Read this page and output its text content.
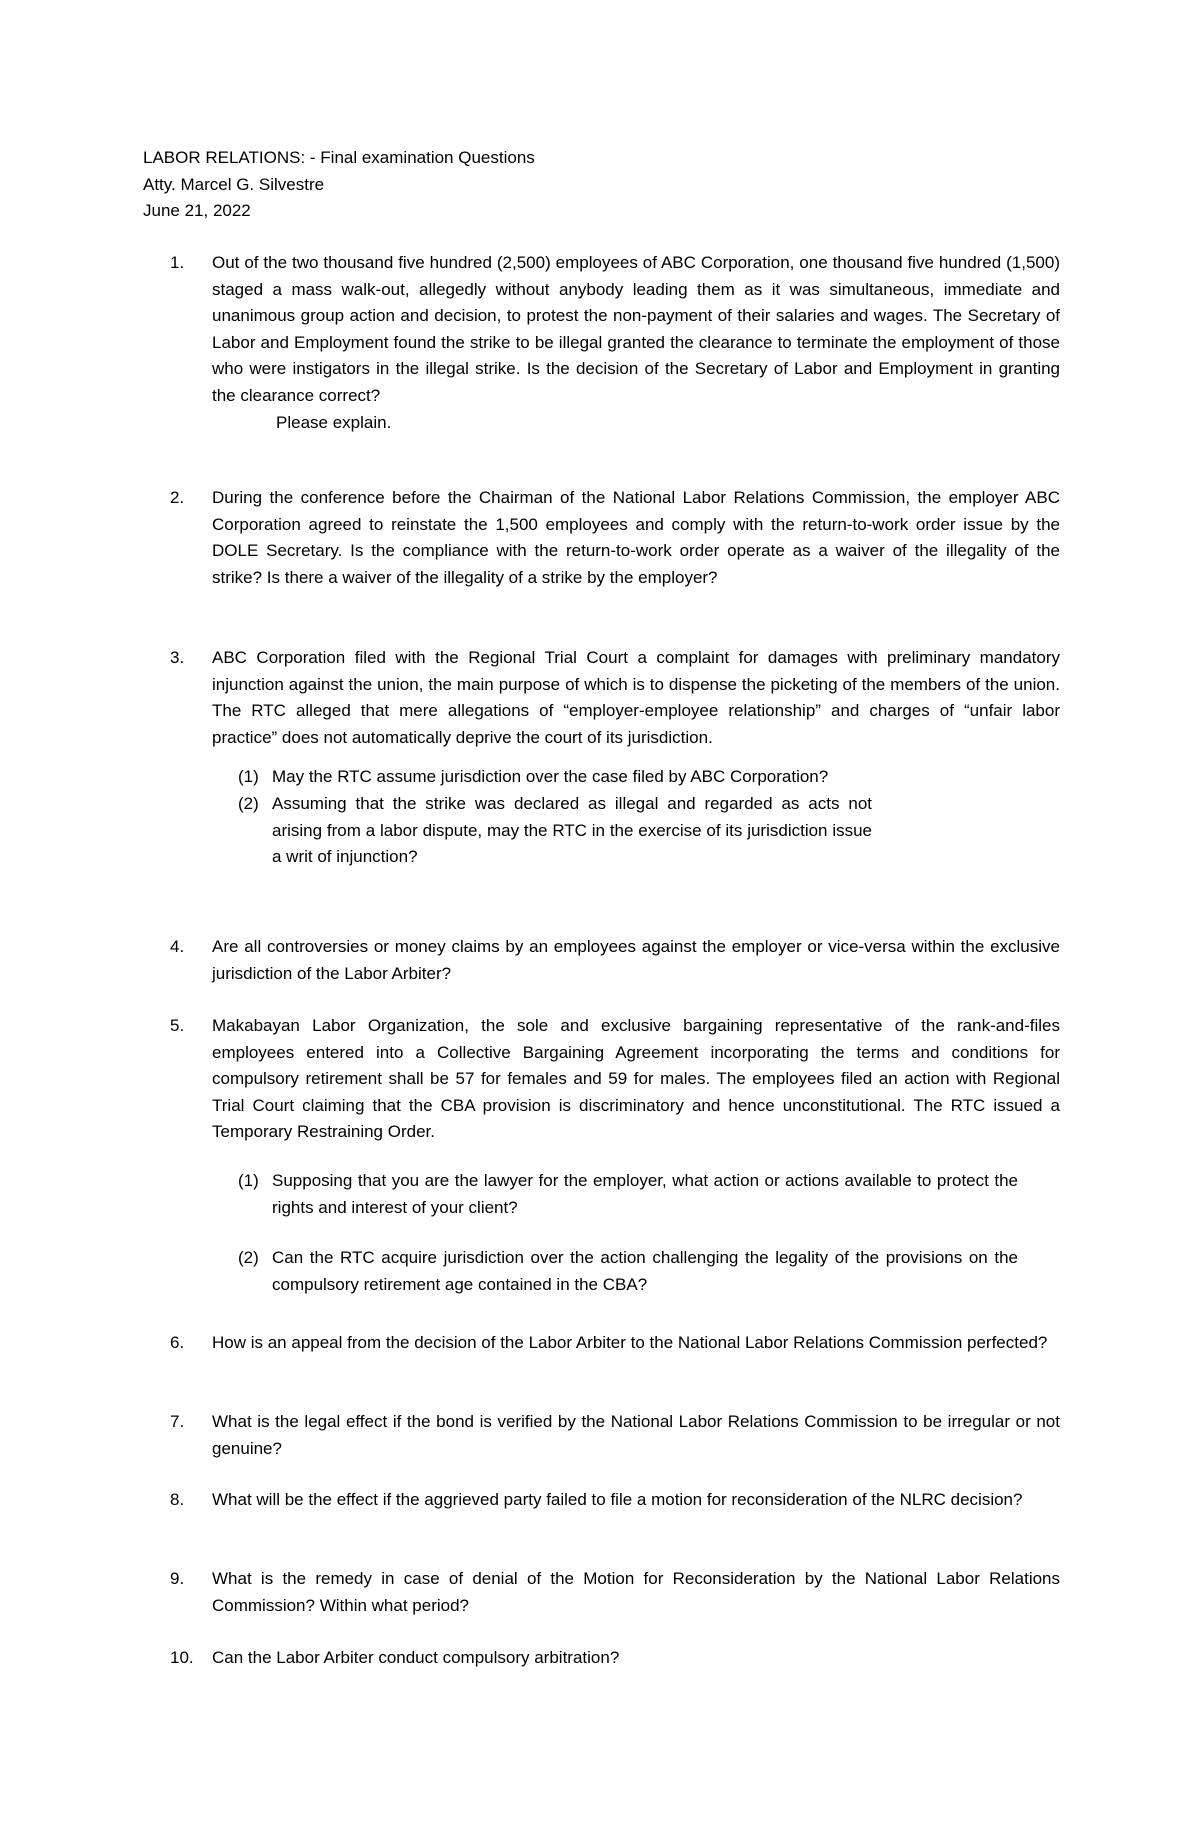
LABOR RELATIONS: - Final examination Questions
Atty. Marcel G. Silvestre
June 21, 2022
1. Out of the two thousand five hundred (2,500) employees of ABC Corporation, one thousand five hundred (1,500) staged a mass walk-out, allegedly without anybody leading them as it was simultaneous, immediate and unanimous group action and decision, to protest the non-payment of their salaries and wages. The Secretary of Labor and Employment found the strike to be illegal granted the clearance to terminate the employment of those who were instigators in the illegal strike. Is the decision of the Secretary of Labor and Employment in granting the clearance correct?
Please explain.
2. During the conference before the Chairman of the National Labor Relations Commission, the employer ABC Corporation agreed to reinstate the 1,500 employees and comply with the return-to-work order issue by the DOLE Secretary. Is the compliance with the return-to-work order operate as a waiver of the illegality of the strike? Is there a waiver of the illegality of a strike by the employer?
3. ABC Corporation filed with the Regional Trial Court a complaint for damages with preliminary mandatory injunction against the union, the main purpose of which is to dispense the picketing of the members of the union. The RTC alleged that mere allegations of “employer-employee relationship” and charges of “unfair labor practice” does not automatically deprive the court of its jurisdiction.
(1) May the RTC assume jurisdiction over the case filed by ABC Corporation?
(2) Assuming that the strike was declared as illegal and regarded as acts not arising from a labor dispute, may the RTC in the exercise of its jurisdiction issue a writ of injunction?
4. Are all controversies or money claims by an employees against the employer or vice-versa within the exclusive jurisdiction of the Labor Arbiter?
5. Makabayan Labor Organization, the sole and exclusive bargaining representative of the rank-and-files employees entered into a Collective Bargaining Agreement incorporating the terms and conditions for compulsory retirement shall be 57 for females and 59 for males. The employees filed an action with Regional Trial Court claiming that the CBA provision is discriminatory and hence unconstitutional. The RTC issued a Temporary Restraining Order.
(1) Supposing that you are the lawyer for the employer, what action or actions available to protect the rights and interest of your client?
(2) Can the RTC acquire jurisdiction over the action challenging the legality of the provisions on the compulsory retirement age contained in the CBA?
6. How is an appeal from the decision of the Labor Arbiter to the National Labor Relations Commission perfected?
7. What is the legal effect if the bond is verified by the National Labor Relations Commission to be irregular or not genuine?
8. What will be the effect if the aggrieved party failed to file a motion for reconsideration of the NLRC decision?
9. What is the remedy in case of denial of the Motion for Reconsideration by the National Labor Relations Commission? Within what period?
10. Can the Labor Arbiter conduct compulsory arbitration?
